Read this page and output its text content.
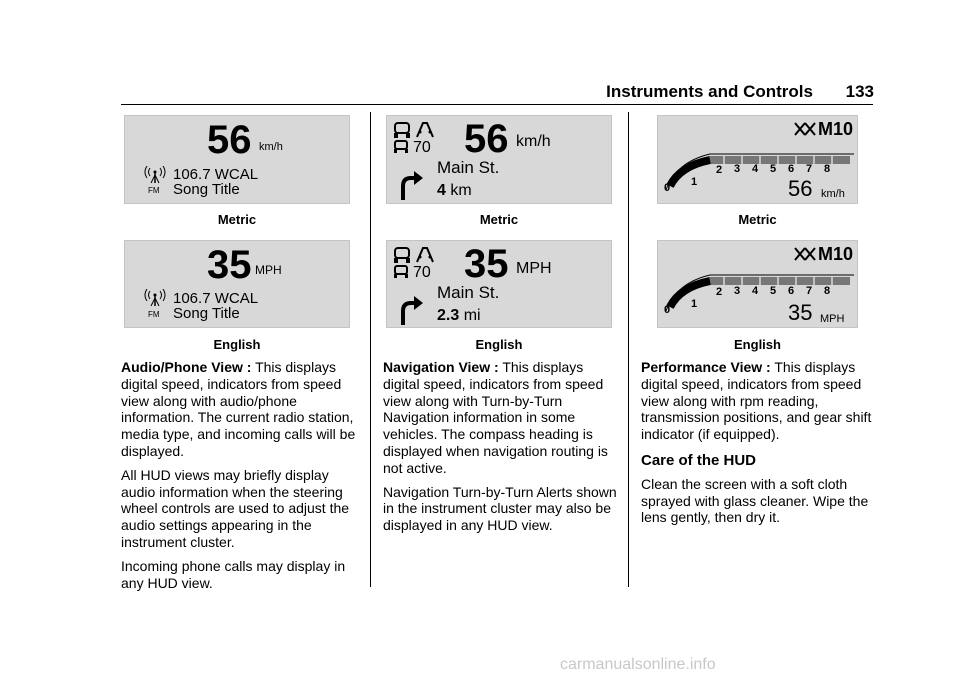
Instruments and Controls	133
56 km/h
FM
106.7 WCAL
Song Title
Metric
35 MPH
FM
106.7 WCAL
Song Title
English

Audio/Phone View : This displays digital speed, indicators from speed view along with audio/phone information. The current radio station, media type, and incoming calls will be displayed.

All HUD views may briefly display audio information when the steering wheel controls are used to adjust the audio settings appearing in the instrument cluster.

Incoming phone calls may display in any HUD view.

70 56 km/h
Main St.
4 km
Metric
70 35 MPH
Main St.
2.3 mi
English

Navigation View : This displays digital speed, indicators from speed view along with Turn-by-Turn Navigation information in some vehicles. The compass heading is displayed when navigation routing is not active.

Navigation Turn-by-Turn Alerts shown in the instrument cluster may also be displayed in any HUD view.

M10
0 1
2 3 4 5 6 7 8
56 km/h
Metric
M10
0 1
2 3 4 5 6 7 8
35 MPH
English

Performance View : This displays digital speed, indicators from speed view along with rpm reading, transmission positions, and gear shift indicator (if equipped).

Care of the HUD

Clean the screen with a soft cloth sprayed with glass cleaner. Wipe the lens gently, then dry it.

carmanualsonline.info
